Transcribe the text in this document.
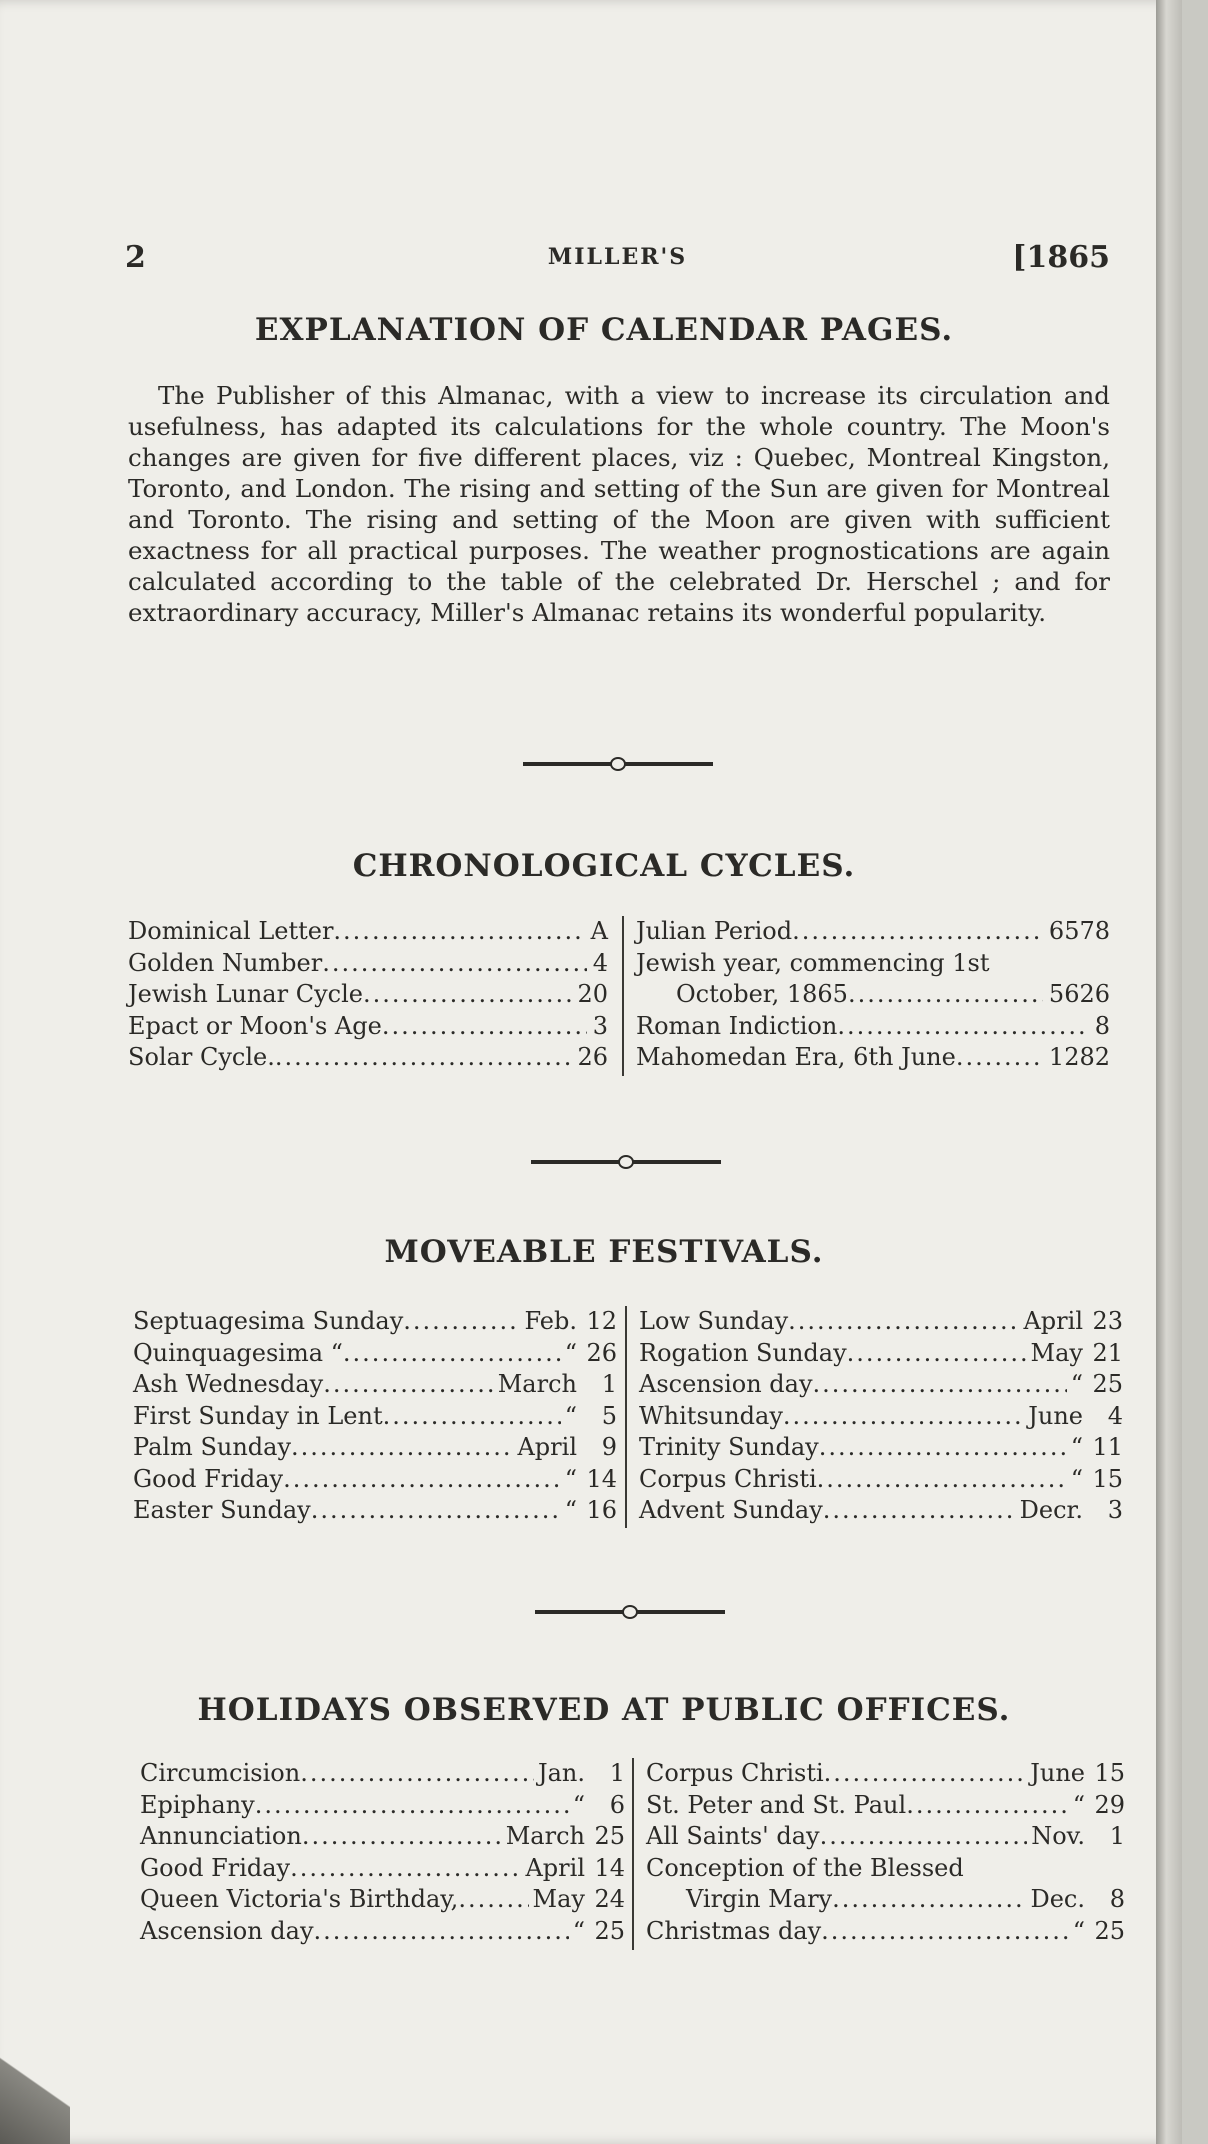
2	MILLER'S	[1865
EXPLANATION OF CALENDAR PAGES.

The Publisher of this Almanac, with a view to increase its circulation and usefulness, has adapted its calculations for the whole country. The Moon's changes are given for five different places, viz : Quebec, Montreal Kingston, Toronto, and London. The rising and setting of the Sun are given for Montreal and Toronto. The rising and setting of the Moon are given with sufficient exactness for all practical purposes. The weather prognostications are again calculated according to the table of the celebrated Dr. Herschel ; and for extraordinary accuracy, Miller's Almanac retains its wonderful popularity.

CHRONOLOGICAL CYCLES.
Dominical Letter .....	A
Golden Number .....	4
Jewish Lunar Cycle .....	20
Epact or Moon's Age .....	3
Solar Cycle. .....	26
Julian Period .....	6578
Jewish year, commencing 1st
October, 1865 .....	5626
Roman Indiction .....	8
Mahomedan Era, 6th June .....	1282
MOVEABLE FESTIVALS.
Septuagesima Sunday .....	Feb. 12
Quinquagesima “ .....	“ 26
Ash Wednesday .....	March	1
First Sunday in Lent .....	“	5
Palm Sunday .....	April	9
Good Friday .....	“ 14
Easter Sunday .....	“ 16
Low Sunday .....	April 23
Rogation Sunday .....	May 21
Ascension day .....	“ 25
Whitsunday .....	June	4
Trinity Sunday .....	“ 11
Corpus Christi .....	“ 15
Advent Sunday .....	Decr.	3
HOLIDAYS OBSERVED AT PUBLIC OFFICES.
Circumcision .....	Jan.	1
Epiphany .....	“	6
Annunciation .....	March 25
Good Friday .....	April 14
Queen Victoria's Birthday, .....	May 24
Ascension day .....	“ 25
Corpus Christi .....	June 15
St. Peter and St. Paul .....	“ 29
All Saints' day .....	Nov.	1
Conception of the Blessed
Virgin Mary .....	Dec.	8
Christmas day .....	“ 25
